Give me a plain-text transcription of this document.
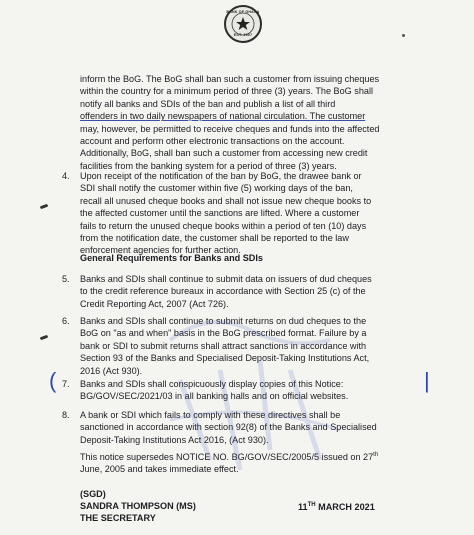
BANK OF GHANA
EST. 1957
inform the BoG. The BoG shall ban such a customer from issuing cheques
within the country for a minimum period of three (3) years. The BoG shall
notify all banks and SDIs of the ban and publish a list of all third
offenders in two daily newspapers of national circulation. The customer
may, however, be permitted to receive cheques and funds into the affected
account and perform other electronic transactions on the account.
Additionally, BoG, shall ban such a customer from accessing new credit
facilities from the banking system for a period of three (3) years.
4. Upon receipt of the notification of the ban by BoG, the drawee bank or
SDI shall notify the customer within five (5) working days of the ban,
recall all unused cheque books and shall not issue new cheque books to
the affected customer until the sanctions are lifted. Where a customer
fails to return the unused cheque books within a period of ten (10) days
from the notification date, the customer shall be reported to the law
enforcement agencies for further action.
General Requirements for Banks and SDIs
5. Banks and SDIs shall continue to submit data on issuers of dud cheques
to the credit reference bureaux in accordance with Section 25 (c) of the
Credit Reporting Act, 2007 (Act 726).
6. Banks and SDIs shall continue to submit returns on dud cheques to the
BoG on "as and when" basis in the BoG prescribed format. Failure by a
bank or SDI to submit returns shall attract sanctions in accordance with
Section 93 of the Banks and Specialised Deposit-Taking Institutions Act,
2016 (Act 930).
(	|
7. Banks and SDIs shall conspicuously display copies of this Notice:
BG/GOV/SEC/2021/03 in all banking halls and on official websites.
8. A bank or SDI which fails to comply with these directives shall be
sanctioned in accordance with section 92(8) of the Banks and Specialised
Deposit-Taking Institutions Act 2016, (Act 930).
This notice supersedes NOTICE NO. BG/GOV/SEC/2005/5 issued on 27th
June, 2005 and takes immediate effect.
(SGD)
SANDRA THOMPSON (MS)
THE SECRETARY
11TH MARCH 2021
